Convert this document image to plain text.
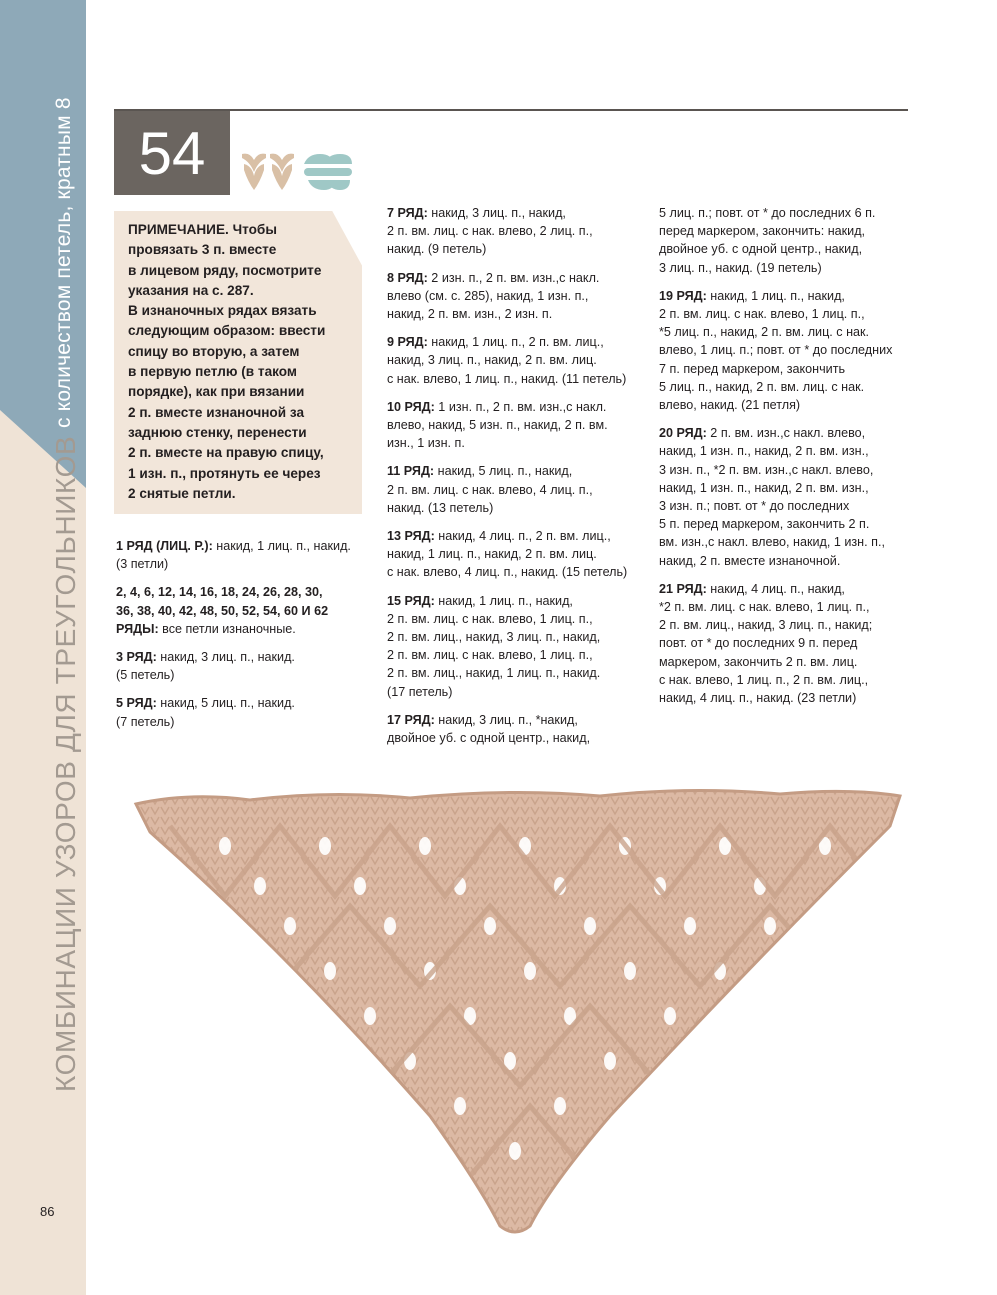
с количеством петель, кратным 8
КОМБИНАЦИИ УЗОРОВ ДЛЯ ТРЕУГОЛЬНИКОВ
54
ПРИМЕЧАНИЕ. Чтобы
провязать 3 п. вместе
в лицевом ряду, посмотрите
указания на с. 287.
В изнаночных рядах вязать
следующим образом: ввести
спицу во вторую, а затем
в первую петлю (в таком
порядке), как при вязании
2 п. вместе изнаночной за
заднюю стенку, перенести
2 п. вместе на правую спицу,
1 изн. п., протянуть ее через
2 снятые петли.

1 РЯД (ЛИЦ. Р.): накид, 1 лиц. п., накид.
(3 петли)

2, 4, 6, 12, 14, 16, 18, 24, 26, 28, 30,
36, 38, 40, 42, 48, 50, 52, 54, 60 И 62
РЯДЫ: все петли изнаночные.

3 РЯД: накид, 3 лиц. п., накид.
(5 петель)

5 РЯД: накид, 5 лиц. п., накид.
(7 петель)

7 РЯД: накид, 3 лиц. п., накид,
2 п. вм. лиц. с нак. влево, 2 лиц. п.,
накид. (9 петель)

8 РЯД: 2 изн. п., 2 п. вм. изн.,с накл.
влево (см. с. 285), накид, 1 изн. п.,
накид, 2 п. вм. изн., 2 изн. п.

9 РЯД: накид, 1 лиц. п., 2 п. вм. лиц.,
накид, 3 лиц. п., накид, 2 п. вм. лиц.
с нак. влево, 1 лиц. п., накид. (11 петель)

10 РЯД: 1 изн. п., 2 п. вм. изн.,с накл.
влево, накид, 5 изн. п., накид, 2 п. вм.
изн., 1 изн. п.

11 РЯД: накид, 5 лиц. п., накид,
2 п. вм. лиц. с нак. влево, 4 лиц. п.,
накид. (13 петель)

13 РЯД: накид, 4 лиц. п., 2 п. вм. лиц.,
накид, 1 лиц. п., накид, 2 п. вм. лиц.
с нак. влево, 4 лиц. п., накид. (15 петель)

15 РЯД: накид, 1 лиц. п., накид,
2 п. вм. лиц. с нак. влево, 1 лиц. п.,
2 п. вм. лиц., накид, 3 лиц. п., накид,
2 п. вм. лиц. с нак. влево, 1 лиц. п.,
2 п. вм. лиц., накид, 1 лиц. п., накид.
(17 петель)

17 РЯД: накид, 3 лиц. п., *накид,
двойное уб. с одной центр., накид,

5 лиц. п.; повт. от * до последних 6 п.
перед маркером, закончить: накид,
двойное уб. с одной центр., накид,
3 лиц. п., накид. (19 петель)

19 РЯД: накид, 1 лиц. п., накид,
2 п. вм. лиц. с нак. влево, 1 лиц. п.,
*5 лиц. п., накид, 2 п. вм. лиц. с нак.
влево, 1 лиц. п.; повт. от * до последних
7 п. перед маркером, закончить
5 лиц. п., накид, 2 п. вм. лиц. с нак.
влево, накид. (21 петля)

20 РЯД: 2 п. вм. изн.,с накл. влево,
накид, 1 изн. п., накид, 2 п. вм. изн.,
3 изн. п., *2 п. вм. изн.,с накл. влево,
накид, 1 изн. п., накид, 2 п. вм. изн.,
3 изн. п.; повт. от * до последних
5 п. перед маркером, закончить 2 п.
вм. изн.,с накл. влево, накид, 1 изн. п.,
накид, 2 п. вместе изнаночной.

21 РЯД: накид, 4 лиц. п., накид,
*2 п. вм. лиц. с нак. влево, 1 лиц. п.,
2 п. вм. лиц., накид, 3 лиц. п., накид;
повт. от * до последних 9 п. перед
маркером, закончить 2 п. вм. лиц.
с нак. влево, 1 лиц. п., 2 п. вм. лиц.,
накид, 4 лиц. п., накид. (23 петли)

86
